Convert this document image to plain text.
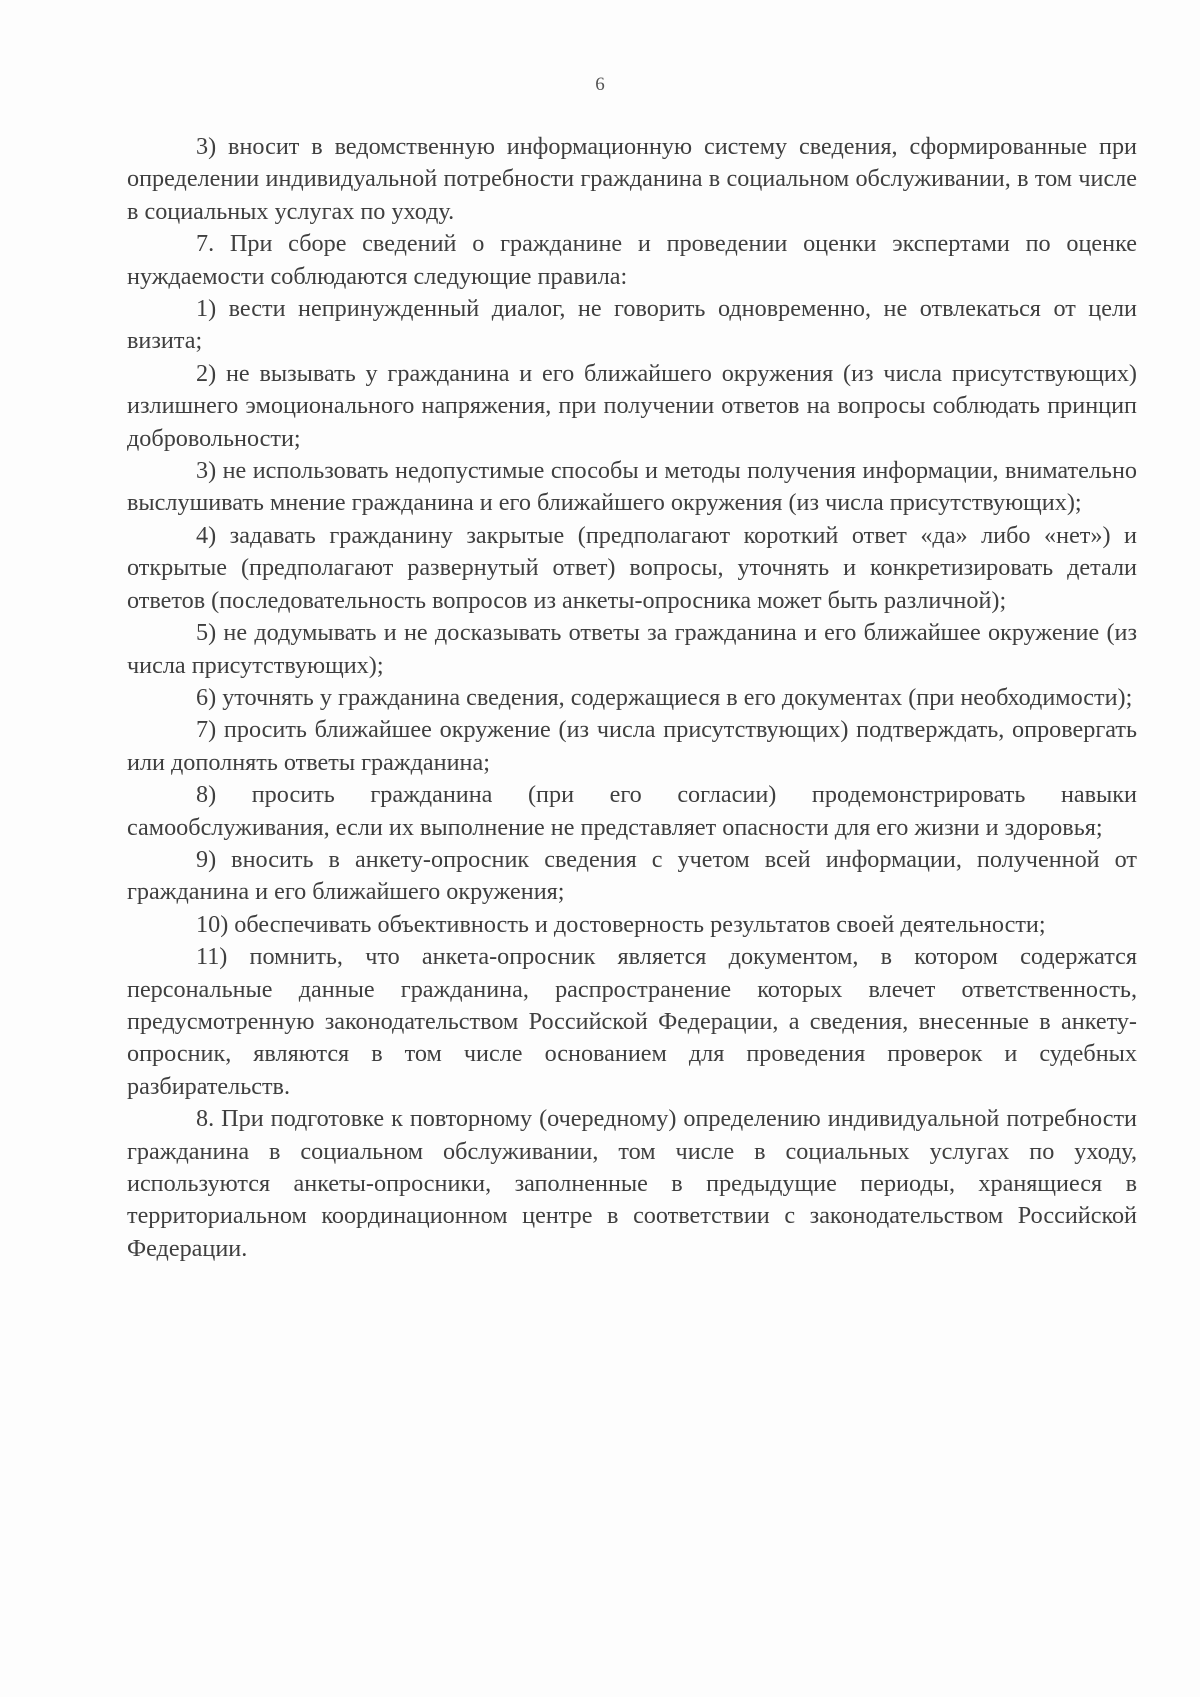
6

3) вносит в ведомственную информационную систему сведения, сформированные при определении индивидуальной потребности гражданина в социальном обслуживании, в том числе в социальных услугах по уходу.

7. При сборе сведений о гражданине и проведении оценки экспертами по оценке нуждаемости соблюдаются следующие правила:

1) вести непринужденный диалог, не говорить одновременно, не отвлекаться от цели визита;

2) не вызывать у гражданина и его ближайшего окружения (из числа присутствующих) излишнего эмоционального напряжения, при получении ответов на вопросы соблюдать принцип добровольности;

3) не использовать недопустимые способы и методы получения информации, внимательно выслушивать мнение гражданина и его ближайшего окружения (из числа присутствующих);

4) задавать гражданину закрытые (предполагают короткий ответ «да» либо «нет») и открытые (предполагают развернутый ответ) вопросы, уточнять и конкретизировать детали ответов (последовательность вопросов из анкеты-опросника может быть различной);

5) не додумывать и не досказывать ответы за гражданина и его ближайшее окружение (из числа присутствующих);

6) уточнять у гражданина сведения, содержащиеся в его документах (при необходимости);

7) просить ближайшее окружение (из числа присутствующих) подтверждать, опровергать или дополнять ответы гражданина;

8) просить гражданина (при его согласии) продемонстрировать навыки самообслуживания, если их выполнение не представляет опасности для его жизни и здоровья;

9) вносить в анкету-опросник сведения с учетом всей информации, полученной от гражданина и его ближайшего окружения;

10) обеспечивать объективность и достоверность результатов своей деятельности;

11) помнить, что анкета-опросник является документом, в котором содержатся персональные данные гражданина, распространение которых влечет ответственность, предусмотренную законодательством Российской Федерации, а сведения, внесенные в анкету-опросник, являются в том числе основанием для проведения проверок и судебных разбирательств.

8. При подготовке к повторному (очередному) определению индивидуальной потребности гражданина в социальном обслуживании, том числе в социальных услугах по уходу, используются анкеты-опросники, заполненные в предыдущие периоды, хранящиеся в территориальном координационном центре в соответствии с законодательством Российской Федерации.
